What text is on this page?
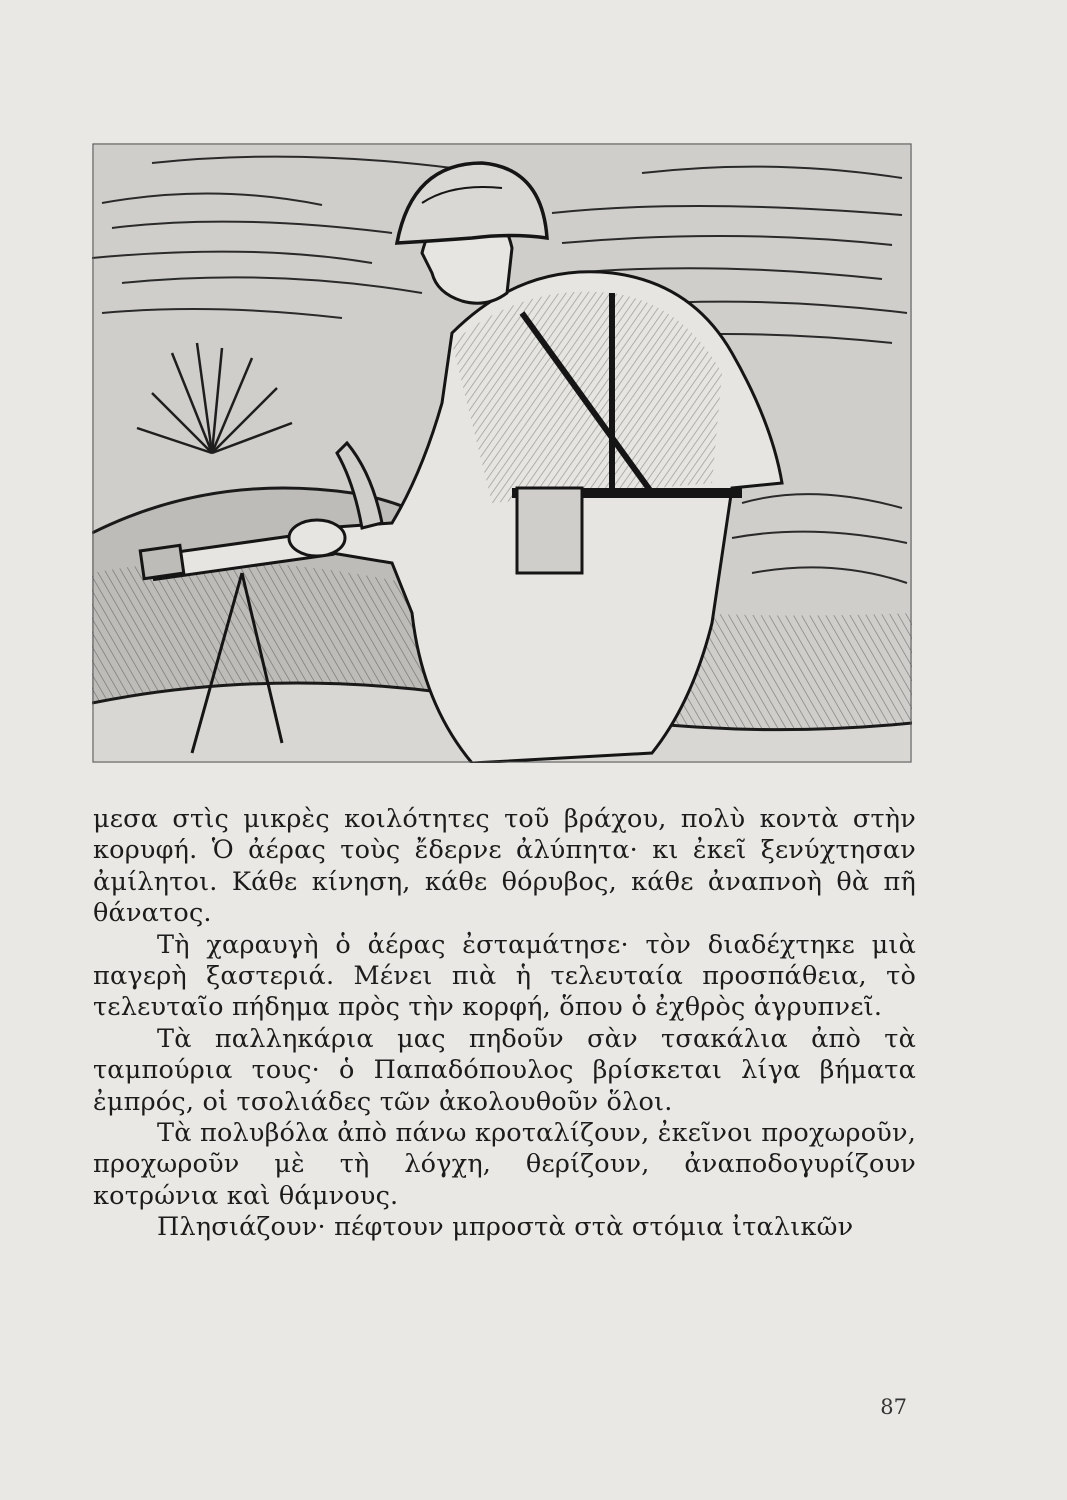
μεσα στὶς μικρὲς κοιλότητες τοῦ βράχου, πολὺ κοντὰ στὴν κορυφή. Ὁ ἀέρας τοὺς ἔδερνε ἀλύπητα· κι ἐκεῖ ξενύχτησαν ἀμίλητοι. Κάθε κίνηση, κάθε θόρυβος, κάθε ἀναπνοὴ θὰ πῆ θάνατος.

Τὴ χαραυγὴ ὁ ἀέρας ἐσταμάτησε· τὸν διαδέχτηκε μιὰ παγερὴ ξαστεριά. Μένει πιὰ ἡ τελευταία προσπάθεια, τὸ τελευταῖο πήδημα πρὸς τὴν κορφή, ὅπου ὁ ἐχθρὸς ἀγρυπνεῖ.

Τὰ παλληκάρια μας πηδοῦν σὰν τσακάλια ἀπὸ τὰ ταμπούρια τους· ὁ Παπαδόπουλος βρίσκεται λίγα βήματα ἐμπρός, οἱ τσολιάδες τῶν ἀκολουθοῦν ὅλοι.

Τὰ πολυβόλα ἀπὸ πάνω κροταλίζουν, ἐκεῖνοι προχωροῦν, προχωροῦν μὲ τὴ λόγχη, θερίζουν, ἀναποδογυρίζουν κοτρώνια καὶ θάμνους.

Πλησιάζουν· πέφτουν μπροστὰ στὰ στόμια ἰταλικῶν

87
